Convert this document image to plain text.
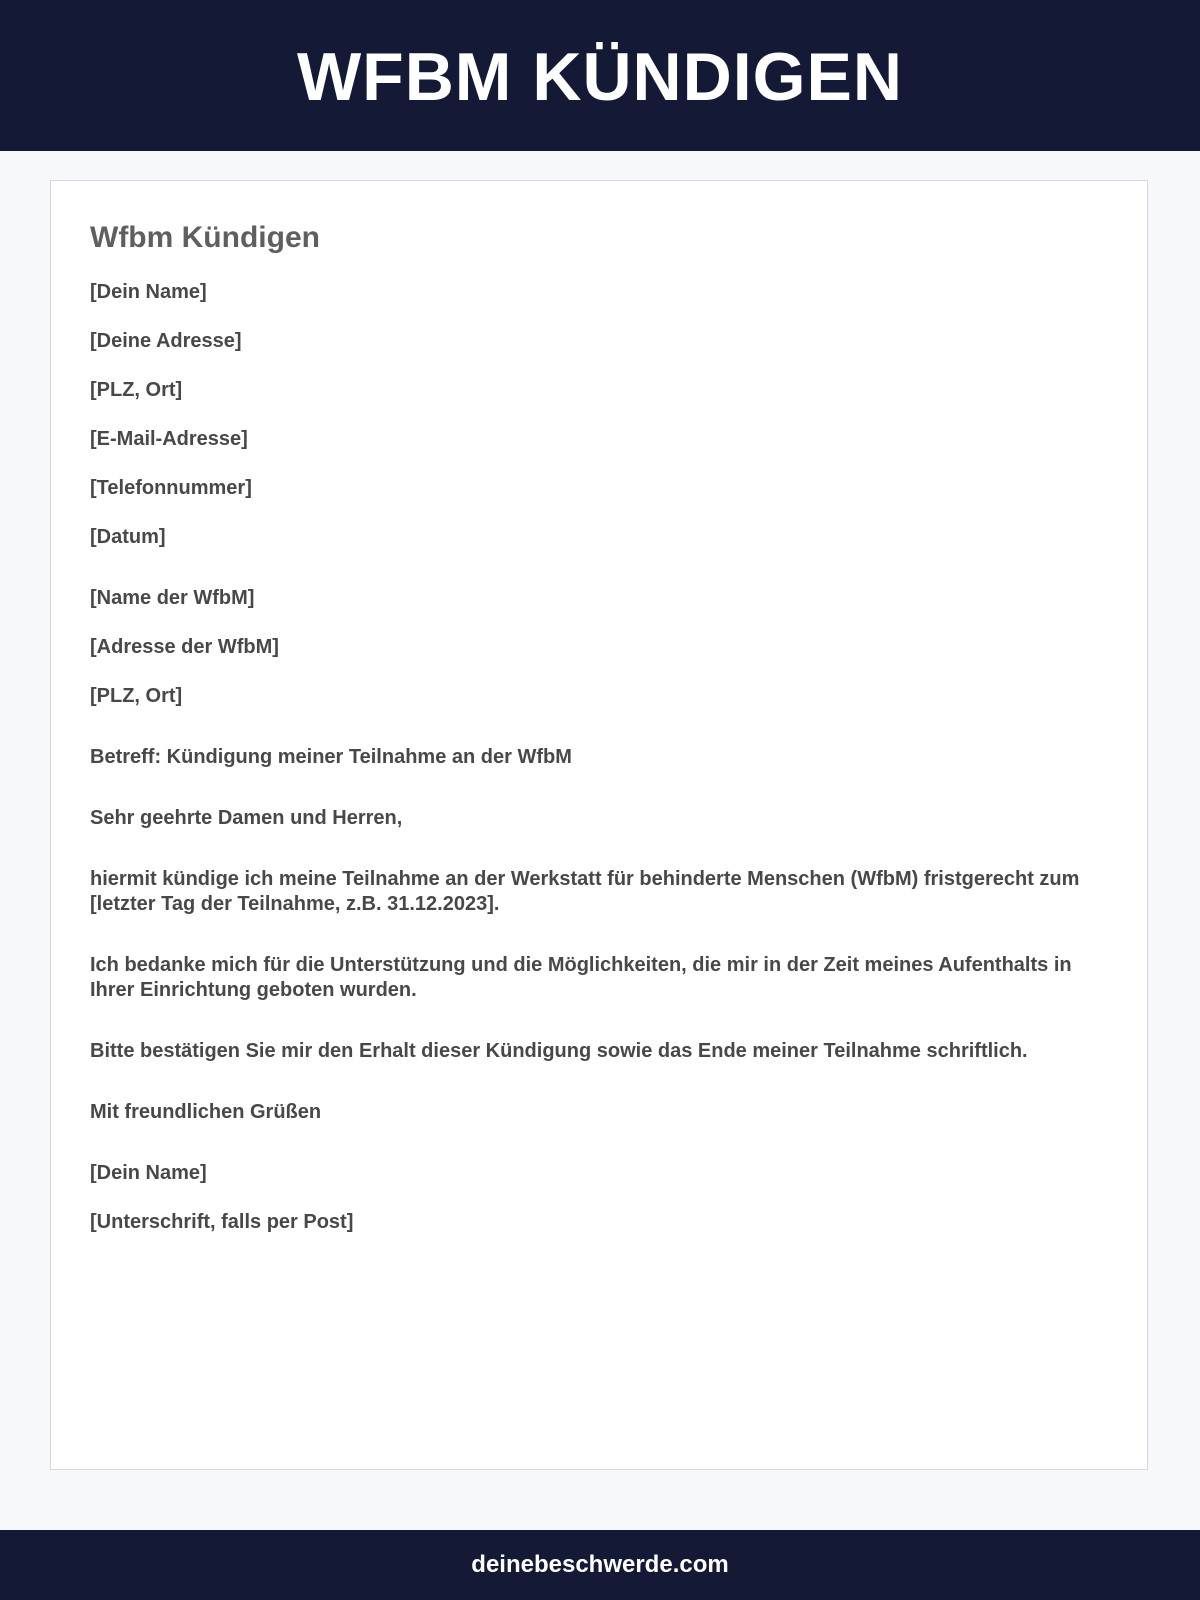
WFBM KÜNDIGEN
Wfbm Kündigen

[Dein Name]

[Deine Adresse]

[PLZ, Ort]

[E-Mail-Adresse]

[Telefonnummer]

[Datum]

[Name der WfbM]

[Adresse der WfbM]

[PLZ, Ort]

Betreff: Kündigung meiner Teilnahme an der WfbM

Sehr geehrte Damen und Herren,

hiermit kündige ich meine Teilnahme an der Werkstatt für behinderte Menschen (WfbM) fristgerecht zum [letzter Tag der Teilnahme, z.B. 31.12.2023].

Ich bedanke mich für die Unterstützung und die Möglichkeiten, die mir in der Zeit meines Aufenthalts in Ihrer Einrichtung geboten wurden.

Bitte bestätigen Sie mir den Erhalt dieser Kündigung sowie das Ende meiner Teilnahme schriftlich.

Mit freundlichen Grüßen

[Dein Name]

[Unterschrift, falls per Post]

deinebeschwerde.com
